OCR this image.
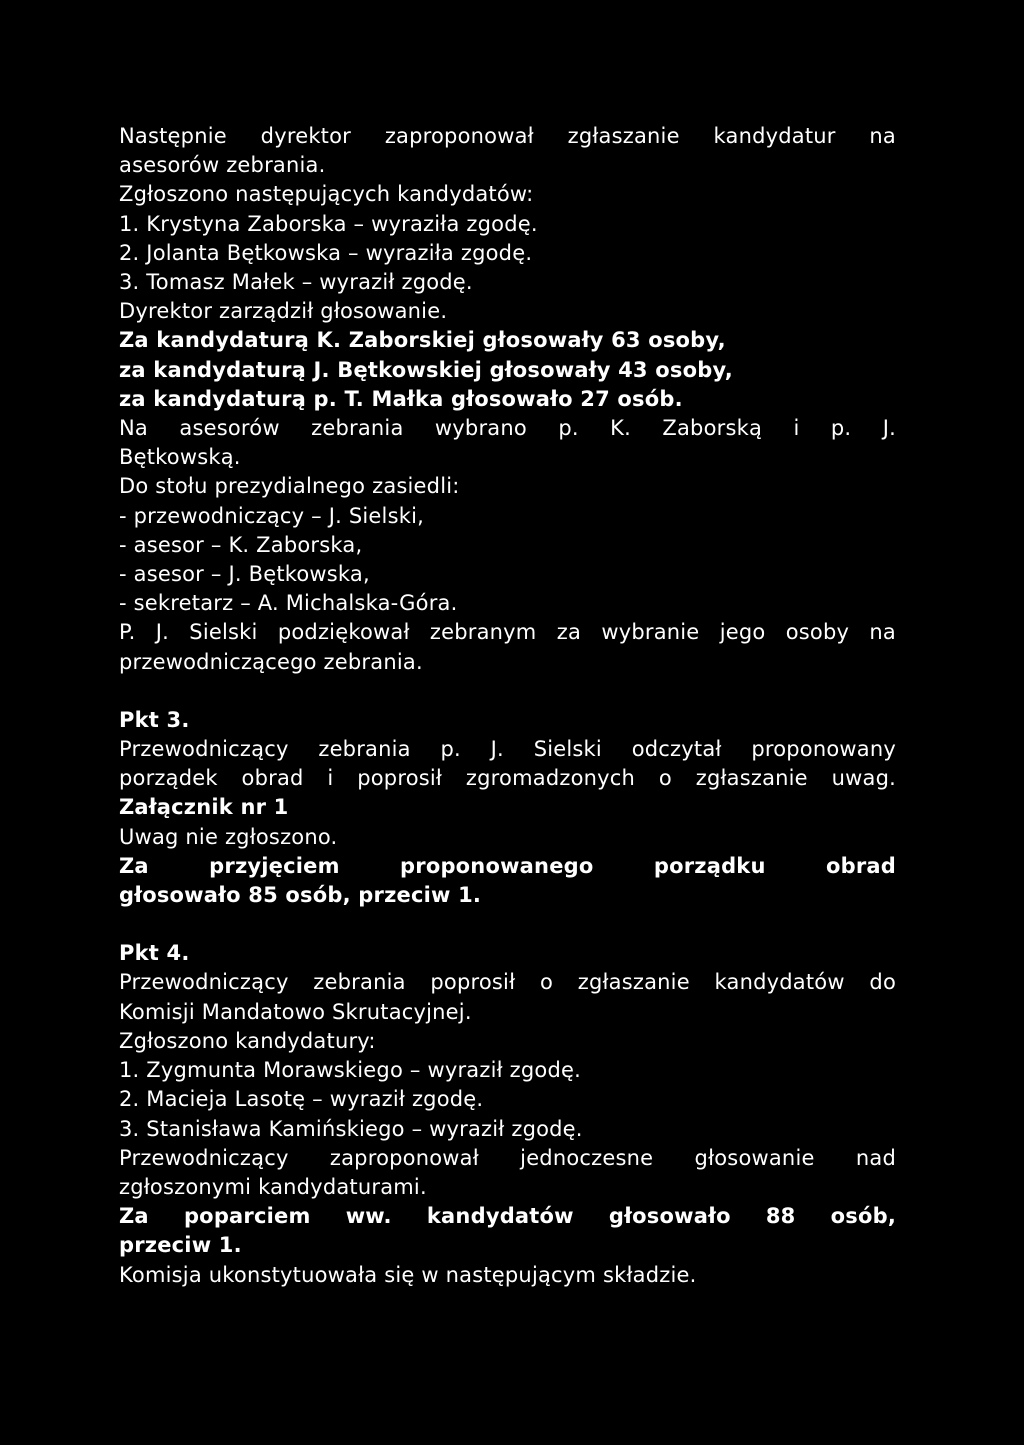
Następnie dyrektor zaproponował zgłaszanie kandydatur na
asesorów zebrania.
Zgłoszono następujących kandydatów:
1. Krystyna Zaborska – wyraziła zgodę.
2. Jolanta Bętkowska – wyraziła zgodę.
3. Tomasz Małek – wyraził zgodę.
Dyrektor zarządził głosowanie.
Za kandydaturą K. Zaborskiej głosowały 63 osoby,
za kandydaturą J. Bętkowskiej głosowały 43 osoby,
za kandydaturą p. T. Małka głosowało 27 osób.
Na asesorów zebrania wybrano p. K. Zaborską i p. J.
Bętkowską.
Do stołu prezydialnego zasiedli:
- przewodniczący – J. Sielski,
- asesor – K. Zaborska,
- asesor – J. Bętkowska,
- sekretarz – A. Michalska-Góra.
P. J. Sielski podziękował zebranym za wybranie jego osoby na
przewodniczącego zebrania.
Pkt 3.
Przewodniczący zebrania p. J. Sielski odczytał proponowany
porządek obrad i poprosił zgromadzonych o zgłaszanie uwag.
Załącznik nr 1
Uwag nie zgłoszono.
Za przyjęciem proponowanego porządku obrad
głosowało 85 osób, przeciw 1.
Pkt 4.
Przewodniczący zebrania poprosił o zgłaszanie kandydatów do
Komisji Mandatowo Skrutacyjnej.
Zgłoszono kandydatury:
1. Zygmunta Morawskiego – wyraził zgodę.
2. Macieja Lasotę – wyraził zgodę.
3. Stanisława Kamińskiego – wyraził zgodę.
Przewodniczący zaproponował jednoczesne głosowanie nad
zgłoszonymi kandydaturami.
Za poparciem ww. kandydatów głosowało 88 osób,
przeciw 1.
Komisja ukonstytuowała się w następującym składzie.
